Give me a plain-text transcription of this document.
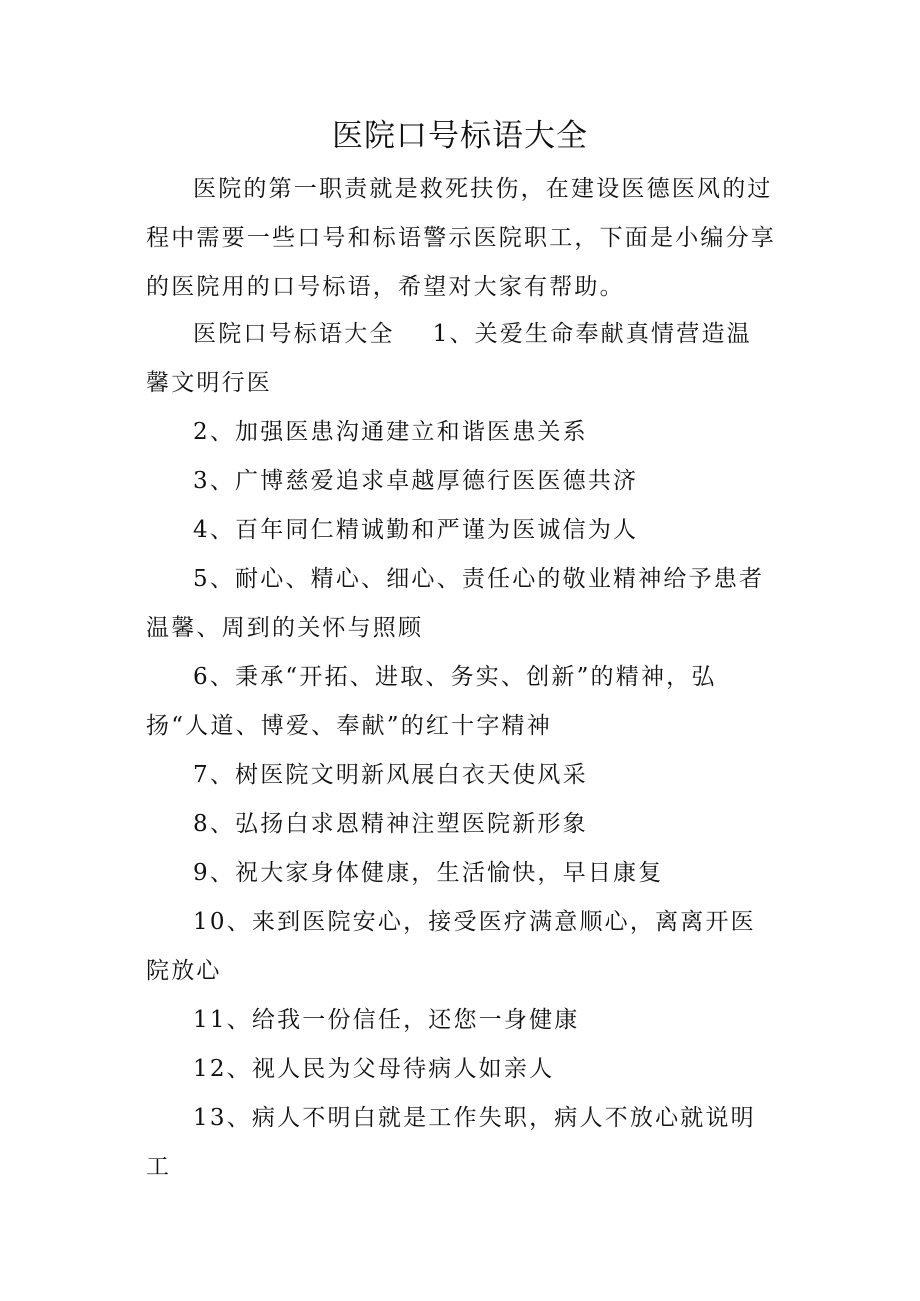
医院口号标语大全

医院的第一职责就是救死扶伤，在建设医德医风的过程中需要一些口号和标语警示医院职工，下面是小编分享的医院用的口号标语，希望对大家有帮助。

医院口号标语大全 1、关爱生命奉献真情营造温馨文明行医

2、加强医患沟通建立和谐医患关系

3、广博慈爱追求卓越厚德行医医德共济

4、百年同仁精诚勤和严谨为医诚信为人

5、耐心、精心、细心、责任心的敬业精神给予患者温馨、周到的关怀与照顾

6、秉承“开拓、进取、务实、创新”的精神，弘扬“人道、博爱、奉献”的红十字精神

7、树医院文明新风展白衣天使风采

8、弘扬白求恩精神注塑医院新形象

9、祝大家身体健康，生活愉快，早日康复

10、来到医院安心，接受医疗满意顺心，离离开医院放心

11、给我一份信任，还您一身健康

12、视人民为父母待病人如亲人

13、病人不明白就是工作失职，病人不放心就说明工
